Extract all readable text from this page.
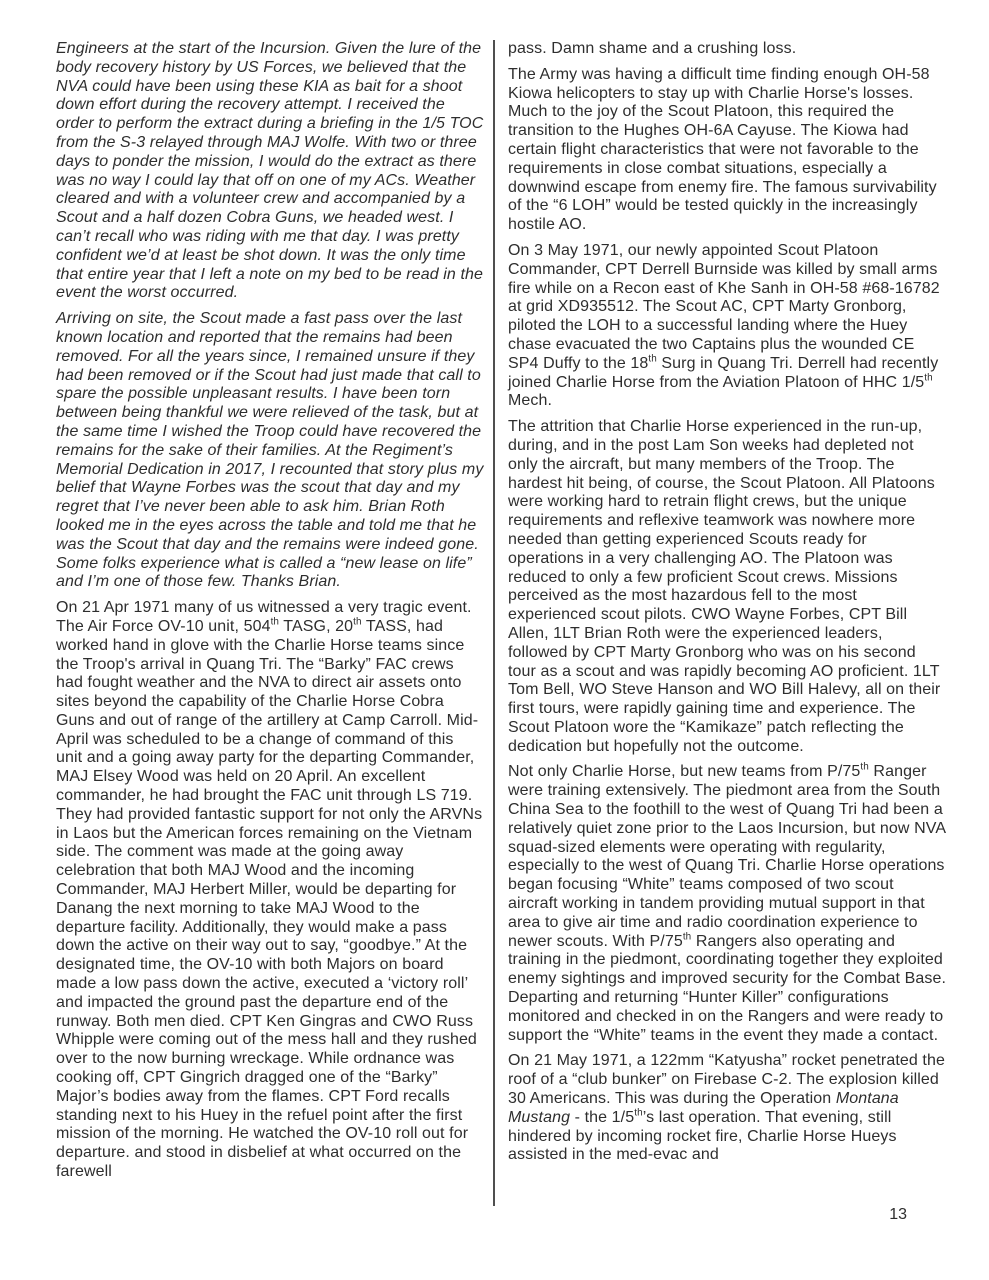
Engineers at the start of the Incursion. Given the lure of the body recovery history by US Forces, we believed that the NVA could have been using these KIA as bait for a shoot down effort during the recovery attempt. I received the order to perform the extract during a briefing in the 1/5 TOC from the S-3 relayed through MAJ Wolfe. With two or three days to ponder the mission, I would do the extract as there was no way I could lay that off on one of my ACs. Weather cleared and with a volunteer crew and accompanied by a Scout and a half dozen Cobra Guns, we headed west. I can’t recall who was riding with me that day. I was pretty confident we’d at least be shot down. It was the only time that entire year that I left a note on my bed to be read in the event the worst occurred.

Arriving on site, the Scout made a fast pass over the last known location and reported that the remains had been removed. For all the years since, I remained unsure if they had been removed or if the Scout had just made that call to spare the possible unpleasant results. I have been torn between being thankful we were relieved of the task, but at the same time I wished the Troop could have recovered the remains for the sake of their families. At the Regiment’s Memorial Dedication in 2017, I recounted that story plus my belief that Wayne Forbes was the scout that day and my regret that I’ve never been able to ask him. Brian Roth looked me in the eyes across the table and told me that he was the Scout that day and the remains were indeed gone. Some folks experience what is called a “new lease on life” and I’m one of those few. Thanks Brian.

On 21 Apr 1971 many of us witnessed a very tragic event. The Air Force OV-10 unit, 504th TASG, 20th TASS, had worked hand in glove with the Charlie Horse teams since the Troop's arrival in Quang Tri. The “Barky” FAC crews had fought weather and the NVA to direct air assets onto sites beyond the capability of the Charlie Horse Cobra Guns and out of range of the artillery at Camp Carroll. Mid-April was scheduled to be a change of command of this unit and a going away party for the departing Commander, MAJ Elsey Wood was held on 20 April. An excellent commander, he had brought the FAC unit through LS 719. They had provided fantastic support for not only the ARVNs in Laos but the American forces remaining on the Vietnam side. The comment was made at the going away celebration that both MAJ Wood and the incoming Commander, MAJ Herbert Miller, would be departing for Danang the next morning to take MAJ Wood to the departure facility. Additionally, they would make a pass down the active on their way out to say, “goodbye.” At the designated time, the OV-10 with both Majors on board made a low pass down the active, executed a ‘victory roll’ and impacted the ground past the departure end of the runway. Both men died. CPT Ken Gingras and CWO Russ Whipple were coming out of the mess hall and they rushed over to the now burning wreckage. While ordnance was cooking off, CPT Gingrich dragged one of the “Barky” Major’s bodies away from the flames. CPT Ford recalls standing next to his Huey in the refuel point after the first mission of the morning. He watched the OV-10 roll out for departure. and stood in disbelief at what occurred on the farewell

pass. Damn shame and a crushing loss.

The Army was having a difficult time finding enough OH-58 Kiowa helicopters to stay up with Charlie Horse's losses. Much to the joy of the Scout Platoon, this required the transition to the Hughes OH-6A Cayuse. The Kiowa had certain flight characteristics that were not favorable to the requirements in close combat situations, especially a downwind escape from enemy fire. The famous survivability of the “6 LOH” would be tested quickly in the increasingly hostile AO.

On 3 May 1971, our newly appointed Scout Platoon Commander, CPT Derrell Burnside was killed by small arms fire while on a Recon east of Khe Sanh in OH-58 #68-16782 at grid XD935512. The Scout AC, CPT Marty Gronborg, piloted the LOH to a successful landing where the Huey chase evacuated the two Captains plus the wounded CE SP4 Duffy to the 18th Surg in Quang Tri. Derrell had recently joined Charlie Horse from the Aviation Platoon of HHC 1/5th Mech.

The attrition that Charlie Horse experienced in the run-up, during, and in the post Lam Son weeks had depleted not only the aircraft, but many members of the Troop. The hardest hit being, of course, the Scout Platoon. All Platoons were working hard to retrain flight crews, but the unique requirements and reflexive teamwork was nowhere more needed than getting experienced Scouts ready for operations in a very challenging AO. The Platoon was reduced to only a few proficient Scout crews. Missions perceived as the most hazardous fell to the most experienced scout pilots. CWO Wayne Forbes, CPT Bill Allen, 1LT Brian Roth were the experienced leaders, followed by CPT Marty Gronborg who was on his second tour as a scout and was rapidly becoming AO proficient. 1LT Tom Bell, WO Steve Hanson and WO Bill Halevy, all on their first tours, were rapidly gaining time and experience. The Scout Platoon wore the “Kamikaze” patch reflecting the dedication but hopefully not the outcome.

Not only Charlie Horse, but new teams from P/75th Ranger were training extensively. The piedmont area from the South China Sea to the foothill to the west of Quang Tri had been a relatively quiet zone prior to the Laos Incursion, but now NVA squad-sized elements were operating with regularity, especially to the west of Quang Tri. Charlie Horse operations began focusing “White” teams composed of two scout aircraft working in tandem providing mutual support in that area to give air time and radio coordination experience to newer scouts. With P/75th Rangers also operating and training in the piedmont, coordinating together they exploited enemy sightings and improved security for the Combat Base. Departing and returning “Hunter Killer” configurations monitored and checked in on the Rangers and were ready to support the “White” teams in the event they made a contact.

On 21 May 1971, a 122mm “Katyusha” rocket penetrated the roof of a “club bunker” on Firebase C-2. The explosion killed 30 Americans. This was during the Operation Montana Mustang - the 1/5th’s last operation. That evening, still hindered by incoming rocket fire, Charlie Horse Hueys assisted in the med-evac and

13
